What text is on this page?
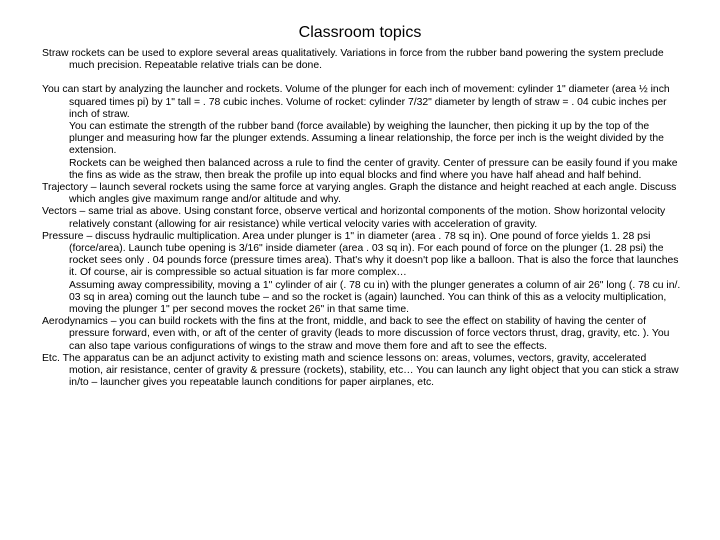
Classroom topics

Straw rockets can be used to explore several areas qualitatively. Variations in force from the rubber band powering the system preclude much precision. Repeatable relative trials can be done.

You can start by analyzing the launcher and rockets. Volume of the plunger for each inch of movement: cylinder 1" diameter (area ½ inch squared times pi) by 1" tall = . 78 cubic inches. Volume of rocket: cylinder 7/32" diameter by length of straw = . 04 cubic inches per inch of straw.

You can estimate the strength of the rubber band (force available) by weighing the launcher, then picking it up by the top of the plunger and measuring how far the plunger extends. Assuming a linear relationship, the force per inch is the weight divided by the extension.

Rockets can be weighed then balanced across a rule to find the center of gravity. Center of pressure can be easily found if you make the fins as wide as the straw, then break the profile up into equal blocks and find where you have half ahead and half behind.

Trajectory – launch several rockets using the same force at varying angles. Graph the distance and height reached at each angle. Discuss which angles give maximum range and/or altitude and why.

Vectors – same trial as above. Using constant force, observe vertical and horizontal components of the motion. Show horizontal velocity relatively constant (allowing for air resistance) while vertical velocity varies with acceleration of gravity.

Pressure – discuss hydraulic multiplication. Area under plunger is 1" in diameter (area . 78 sq in). One pound of force yields 1. 28 psi (force/area). Launch tube opening is 3/16" inside diameter (area . 03 sq in). For each pound of force on the plunger (1. 28 psi) the rocket sees only . 04 pounds force (pressure times area). That's why it doesn't pop like a balloon. That is also the force that launches it. Of course, air is compressible so actual situation is far more complex…

Assuming away compressibility, moving a 1" cylinder of air (. 78 cu in) with the plunger generates a column of air 26" long (. 78 cu in/. 03 sq in area) coming out the launch tube – and so the rocket is (again) launched. You can think of this as a velocity multiplication, moving the plunger 1" per second moves the rocket 26" in that same time.

Aerodynamics – you can build rockets with the fins at the front, middle, and back to see the effect on stability of having the center of pressure forward, even with, or aft of the center of gravity (leads to more discussion of force vectors thrust, drag, gravity, etc. ). You can also tape various configurations of wings to the straw and move them fore and aft to see the effects.

Etc. The apparatus can be an adjunct activity to existing math and science lessons on: areas, volumes, vectors, gravity, accelerated motion, air resistance, center of gravity & pressure (rockets), stability, etc… You can launch any light object that you can stick a straw in/to – launcher gives you repeatable launch conditions for paper airplanes, etc.
